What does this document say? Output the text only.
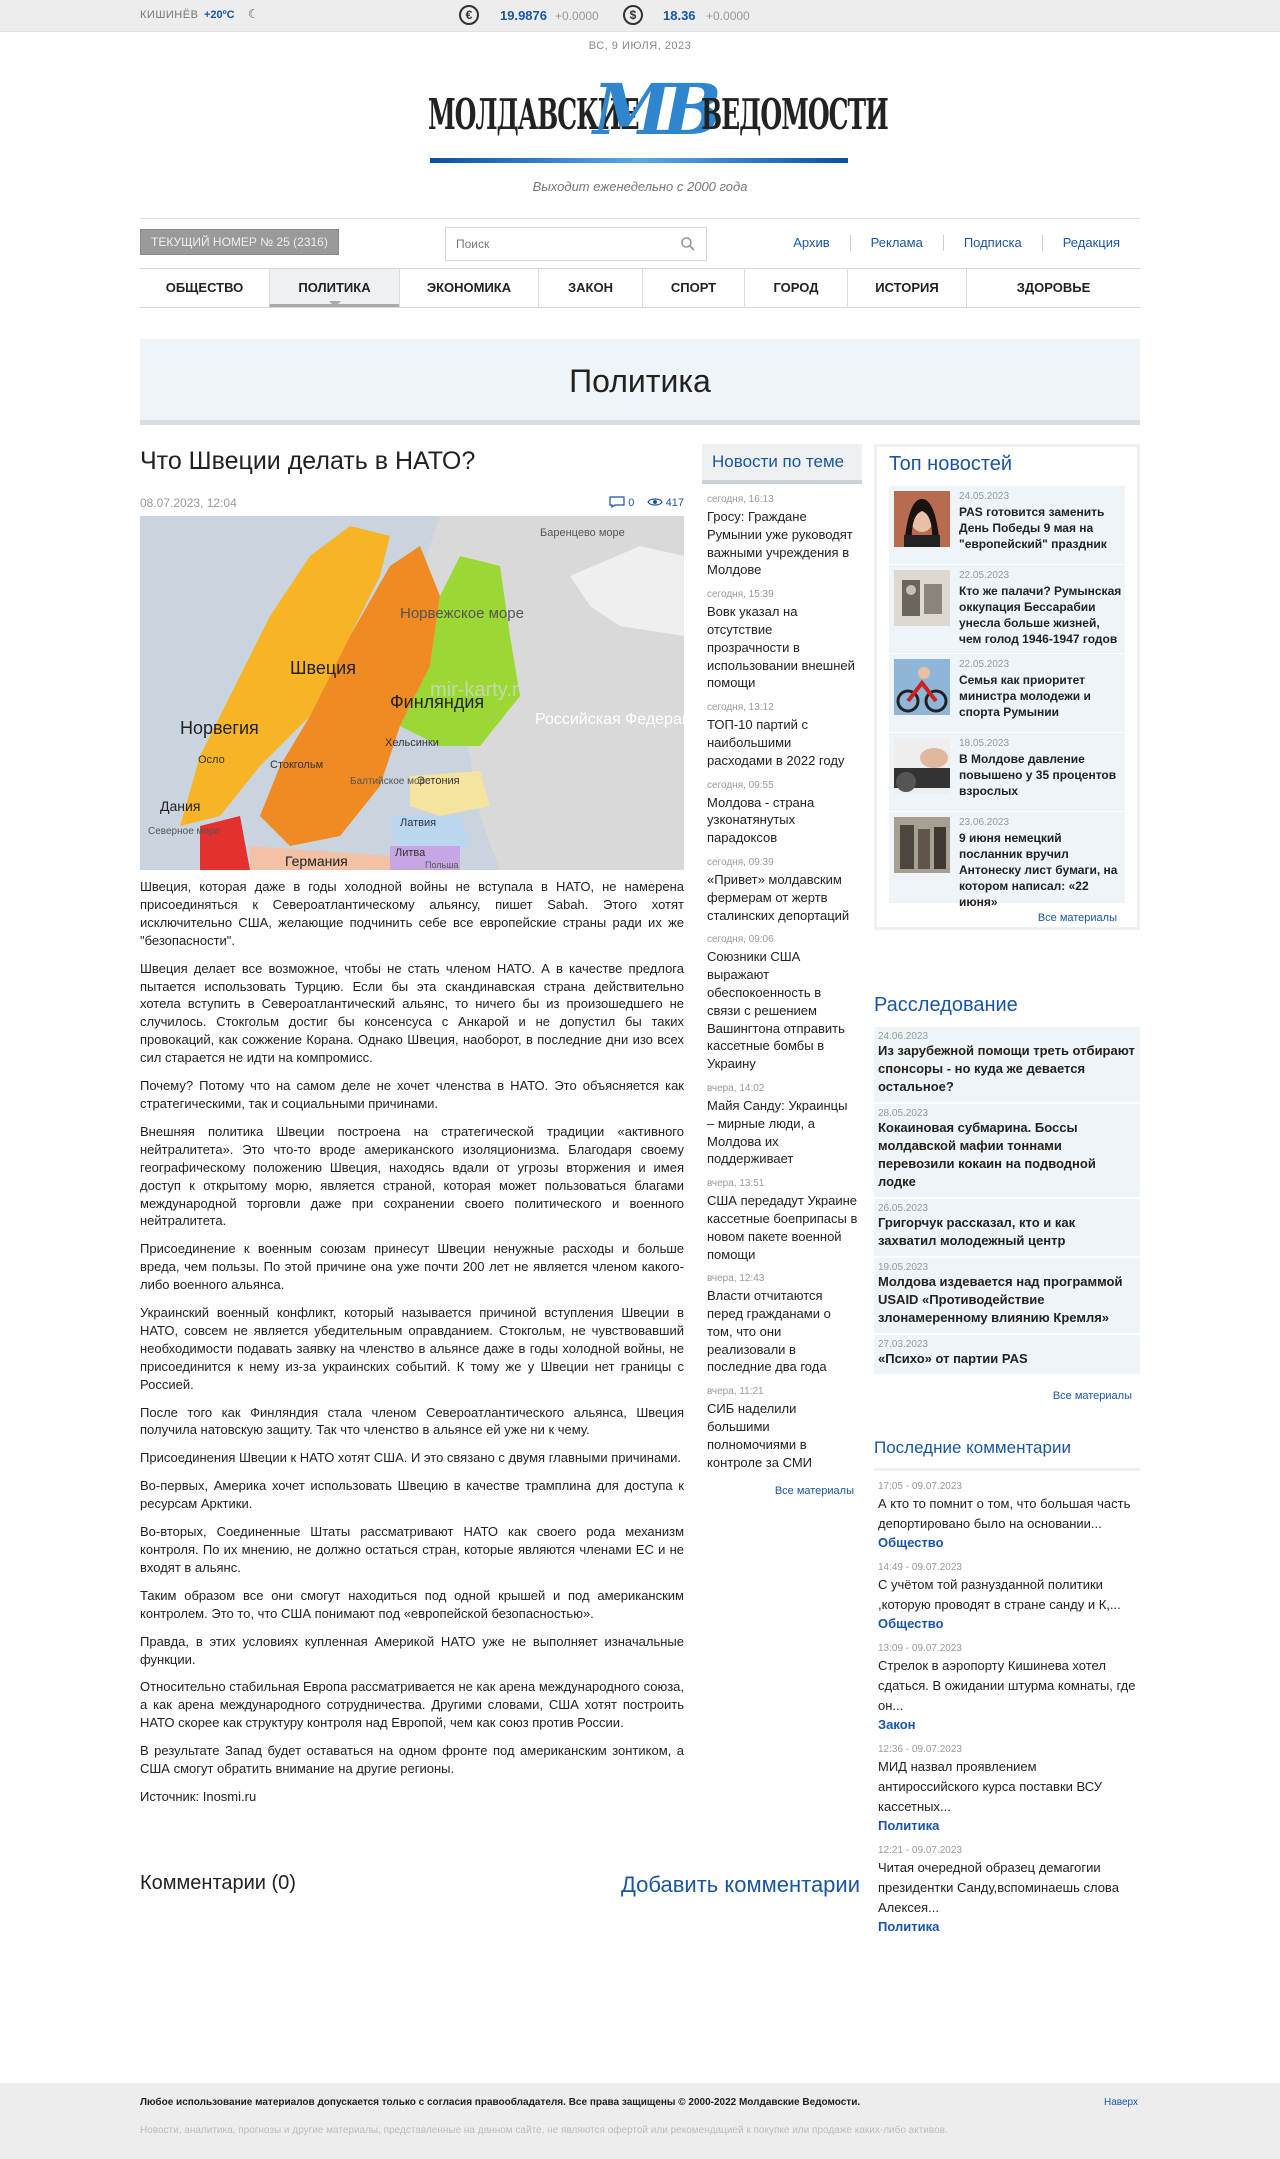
КИШИНЁВ +20ºC ☾	€	19.9876 +0.0000	$	18.36 +0.0000
ВС, 9 ИЮЛЯ, 2023
МОЛДАВСКИЕ
МВ
ВЕДОМОСТИ
Выходит еженедельно с 2000 года
ТЕКУЩИЙ НОМЕР № 25 (2316)
Поиск	Архив	Реклама	Подписка	Редакция
ОБЩЕСТВО	ПОЛИТИКА	ЭКОНОМИКА	ЗАКОН	СПОРТ	ГОРОД	ИСТОРИЯ	ЗДОРОВЬЕ
Политика
Что Швеции делать в НАТО?
08.07.2023, 12:04	0	417
Норвежское море
Швеция
Финляндия
Норвегия	Российская Федерация
Осло	Стокгольм
Хельсинки
Эстония
Балтийское море
Дания
Северное море
Латвия
Литва
Германия	Польша
Баренцево море
mir-karty.ru

Швеция, которая даже в годы холодной войны не вступала в НАТО, не намерена присоединяться к Североатлантическому альянсу, пишет Sabah. Этого хотят исключительно США, желающие подчинить себе все европейские страны ради их же "безопасности".

Швеция делает все возможное, чтобы не стать членом НАТО. А в качестве предлога пытается использовать Турцию. Если бы эта скандинавская страна действительно хотела вступить в Североатлантический альянс, то ничего бы из произошедшего не случилось. Стокгольм достиг бы консенсуса с Анкарой и не допустил бы таких провокаций, как сожжение Корана. Однако Швеция, наоборот, в последние дни изо всех сил старается не идти на компромисс.

Почему? Потому что на самом деле не хочет членства в НАТО. Это объясняется как стратегическими, так и социальными причинами.

Внешняя политика Швеции построена на стратегической традиции «активного нейтралитета». Это что-то вроде американского изоляционизма. Благодаря своему географическому положению Швеция, находясь вдали от угрозы вторжения и имея доступ к открытому морю, является страной, которая может пользоваться благами международной торговли даже при сохранении своего политического и военного нейтралитета.

Присоединение к военным союзам принесут Швеции ненужные расходы и больше вреда, чем пользы. По этой причине она уже почти 200 лет не является членом какого-либо военного альянса.

Украинский военный конфликт, который называется причиной вступления Швеции в НАТО, совсем не является убедительным оправданием. Стокгольм, не чувствовавший необходимости подавать заявку на членство в альянсе даже в годы холодной войны, не присоединится к нему из-за украинских событий. К тому же у Швеции нет границы с Россией.

После того как Финляндия стала членом Североатлантического альянса, Швеция получила натовскую защиту. Так что членство в альянсе ей уже ни к чему.

Присоединения Швеции к НАТО хотят США. И это связано с двумя главными причинами.

Во-первых, Америка хочет использовать Швецию в качестве трамплина для доступа к ресурсам Арктики.

Во-вторых, Соединенные Штаты рассматривают НАТО как своего рода механизм контроля. По их мнению, не должно остаться стран, которые являются членами ЕС и не входят в альянс.

Таким образом все они смогут находиться под одной крышей и под американским контролем. Это то, что США понимают под «европейской безопасностью».

Правда, в этих условиях купленная Америкой НАТО уже не выполняет изначальные функции.

Относительно стабильная Европа рассматривается не как арена международного союза, а как арена международного сотрудничества. Другими словами, США хотят построить НАТО скорее как структуру контроля над Европой, чем как союз против России.

В результате Запад будет оставаться на одном фронте под американским зонтиком, а США смогут обратить внимание на другие регионы.

Источник: Inosmi.ru

Комментарии (0)	Добавить комментарии
Новости по теме
сегодня, 16:13
Гросу: Граждане Румынии уже руководят важными учреждения в Молдове
сегодня, 15:39
Вовк указал на отсутствие прозрачности в использовании внешней помощи
сегодня, 13:12
ТОП-10 партий с наибольшими расходами в 2022 году
сегодня, 09:55
Молдова - страна узконатянутых парадоксов
сегодня, 09:39
«Привет» молдавским фермерам от жертв сталинских депортаций
сегодня, 09:06
Союзники США выражают обеспокоенность в связи с решением Вашингтона отправить кассетные бомбы в Украину
вчера, 14:02
Майя Санду: Украинцы – мирные люди, а Молдова их поддерживает
вчера, 13:51
США передадут Украине кассетные боеприпасы в новом пакете военной помощи
вчера, 12:43
Власти отчитаются перед гражданами о том, что они реализовали в последние два года
вчера, 11:21
СИБ наделили большими полномочиями в контроле за СМИ
Все материалы
Топ новостей
24.05.2023
PAS готовится заменить День Победы 9 мая на "европейский" праздник
22.05.2023
Кто же палачи? Румынская оккупация Бессарабии унесла больше жизней, чем голод 1946-1947 годов
22.05.2023
Семья как приоритет министра молодежи и спорта Румынии
18.05.2023
В Молдове давление повышено у 35 процентов взрослых
23.06.2023
9 июня немецкий посланник вручил Антонеску лист бумаги, на котором написал: «22 июня»
Все материалы
Расследование
24.06.2023
Из зарубежной помощи треть отбирают спонсоры - но куда же девается остальное?
28.05.2023
Кокаиновая субмарина. Боссы молдавской мафии тоннами перевозили кокаин на подводной лодке
26.05.2023
Григорчук рассказал, кто и как захватил молодежный центр
19.05.2023
Молдова издевается над программой USAID «Противодействие злонамеренному влиянию Кремля»
27.03.2023
«Психо» от партии PAS
Все материалы
Последние комментарии
17:05 - 09.07.2023
А кто то помнит о том, что большая часть депортировано было на основании...
Общество
14:49 - 09.07.2023
С учётом той разнузданной политики ,которую проводят в стране санду и К,...
Общество
13:09 - 09.07.2023
Стрелок в аэропорту Кишинева хотел сдаться. В ожидании штурма комнаты, где он...
Закон
12:36 - 09.07.2023
МИД назвал проявлением антироссийского курса поставки ВСУ кассетных...
Политика
12:21 - 09.07.2023
Читая очередной образец демагогии президентки Санду,вспоминаешь слова Алексея...
Политика
Любое использование материалов допускается только с согласия правообладателя. Все права защищены © 2000-2022 Молдавские Ведомости.	Наверх
Новости, аналитика, прогнозы и другие материалы, представленные на данном сайте, не являются офертой или рекомендацией к покупке или продаже каких-либо активов.
